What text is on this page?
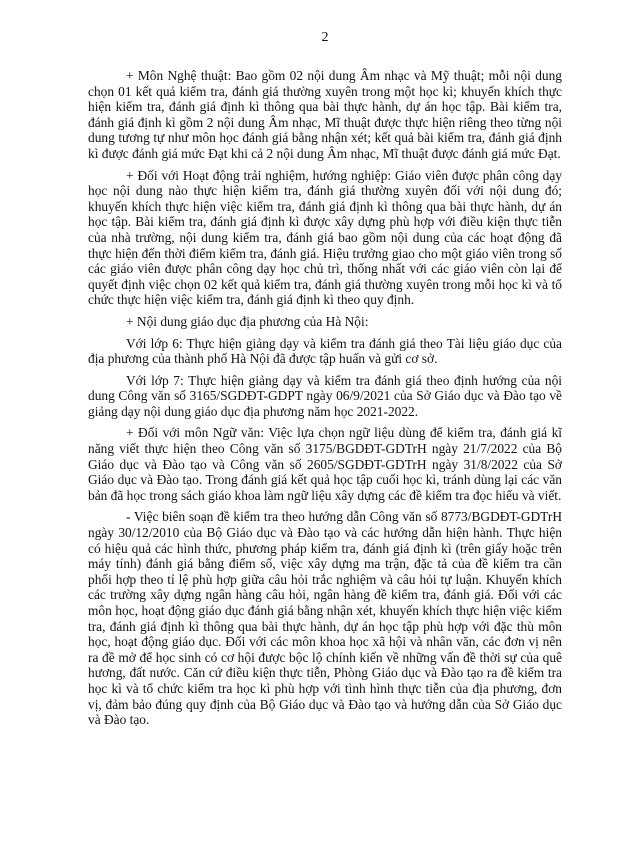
2

+ Môn Nghệ thuật: Bao gồm 02 nội dung Âm nhạc và Mỹ thuật; mỗi nội dung chọn 01 kết quả kiểm tra, đánh giá thường xuyên trong một học kì; khuyến khích thực hiện kiểm tra, đánh giá định kì thông qua bài thực hành, dự án học tập. Bài kiểm tra, đánh giá định kì gồm 2 nội dung Âm nhạc, Mĩ thuật được thực hiện riêng theo từng nội dung tương tự như môn học đánh giá bằng nhận xét; kết quả bài kiểm tra, đánh giá định kì được đánh giá mức Đạt khi cả 2 nội dung Âm nhạc, Mĩ thuật được đánh giá mức Đạt.

+ Đối với Hoạt động trải nghiệm, hướng nghiệp: Giáo viên được phân công dạy học nội dung nào thực hiện kiểm tra, đánh giá thường xuyên đối với nội dung đó; khuyến khích thực hiện việc kiểm tra, đánh giá định kì thông qua bài thực hành, dự án học tập. Bài kiểm tra, đánh giá định kì được xây dựng phù hợp với điều kiện thực tiễn của nhà trường, nội dung kiểm tra, đánh giá bao gồm nội dung của các hoạt động đã thực hiện đến thời điểm kiểm tra, đánh giá. Hiệu trưởng giao cho một giáo viên trong số các giáo viên được phân công dạy học chủ trì, thống nhất với các giáo viên còn lại để quyết định việc chọn 02 kết quả kiểm tra, đánh giá thường xuyên trong mỗi học kì và tổ chức thực hiện việc kiểm tra, đánh giá định kì theo quy định.

+ Nội dung giáo dục địa phương của Hà Nội:

Với lớp 6: Thực hiện giảng dạy và kiểm tra đánh giá theo Tài liệu giáo dục của địa phương của thành phố Hà Nội đã được tập huấn và gửi cơ sở.

Với lớp 7: Thực hiện giảng dạy và kiểm tra đánh giá theo định hướng của nội dung Công văn số 3165/SGDĐT-GDPT ngày 06/9/2021 của Sở Giáo dục và Đào tạo về giảng dạy nội dung giáo dục địa phương năm học 2021-2022.

+ Đối với môn Ngữ văn: Việc lựa chọn ngữ liệu dùng để kiểm tra, đánh giá kĩ năng viết thực hiện theo Công văn số 3175/BGDĐT-GDTrH ngày 21/7/2022 của Bộ Giáo dục và Đào tạo và Công văn số 2605/SGDĐT-GDTrH ngày 31/8/2022 của Sở Giáo dục và Đào tạo. Trong đánh giá kết quả học tập cuối học kì, tránh dùng lại các văn bản đã học trong sách giáo khoa làm ngữ liệu xây dựng các đề kiểm tra đọc hiểu và viết.

- Việc biên soạn đề kiểm tra theo hướng dẫn Công văn số 8773/BGDĐT-GDTrH ngày 30/12/2010 của Bộ Giáo dục và Đào tạo và các hướng dẫn hiện hành. Thực hiện có hiệu quả các hình thức, phương pháp kiểm tra, đánh giá định kì (trên giấy hoặc trên máy tính) đánh giá bằng điểm số, việc xây dựng ma trận, đặc tả của đề kiểm tra cần phối hợp theo tỉ lệ phù hợp giữa câu hỏi trắc nghiệm và câu hỏi tự luận. Khuyến khích các trường xây dựng ngân hàng câu hỏi, ngân hàng đề kiểm tra, đánh giá. Đối với các môn học, hoạt động giáo dục đánh giá bằng nhận xét, khuyến khích thực hiện việc kiểm tra, đánh giá định kì thông qua bài thực hành, dự án học tập phù hợp với đặc thù môn học, hoạt động giáo dục. Đối với các môn khoa học xã hội và nhân văn, các đơn vị nên ra đề mở để học sinh có cơ hội được bộc lộ chính kiến về những vấn đề thời sự của quê hương, đất nước. Căn cứ điều kiện thực tiễn, Phòng Giáo dục và Đào tạo ra đề kiểm tra học kì và tổ chức kiểm tra học kì phù hợp với tình hình thực tiễn của địa phương, đơn vị, đảm bảo đúng quy định của Bộ Giáo dục và Đào tạo và hướng dẫn của Sở Giáo dục và Đào tạo.
